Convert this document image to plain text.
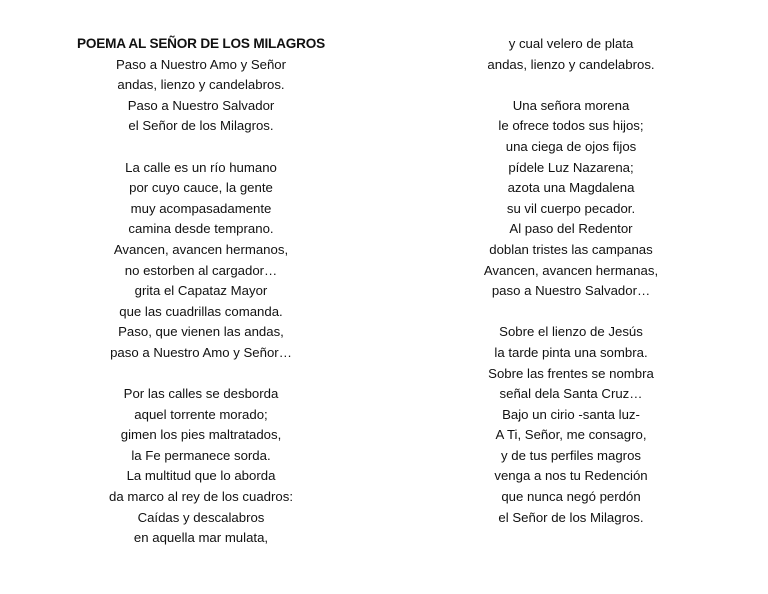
POEMA AL SEÑOR DE LOS MILAGROS
Paso a Nuestro Amo y Señor
andas, lienzo y candelabros.
Paso a Nuestro Salvador
el Señor de los Milagros.
La calle es un río humano
por cuyo cauce, la gente
muy acompasadamente
camina desde temprano.
Avancen, avancen hermanos,
no estorben al cargador…
grita el Capataz Mayor
que las cuadrillas comanda.
Paso, que vienen las andas,
paso a Nuestro Amo y Señor…
Por las calles se desborda
aquel torrente morado;
gimen los pies maltratados,
la Fe permanece sorda.
La multitud que lo aborda
da marco al rey de los cuadros:
Caídas y descalabros
en aquella mar mulata,
y cual velero de plata
andas, lienzo y candelabros.
Una señora morena
le ofrece todos sus hijos;
una ciega de ojos fijos
pídele Luz Nazarena;
azota una Magdalena
su vil cuerpo pecador.
Al paso del Redentor
doblan tristes las campanas
Avancen, avancen hermanas,
paso a Nuestro Salvador…
Sobre el lienzo de Jesús
la tarde pinta una sombra.
Sobre las frentes se nombra
señal dela Santa Cruz…
Bajo un cirio -santa luz-
A Ti, Señor, me consagro,
y de tus perfiles magros
venga a nos tu Redención
que nunca negó perdón
el Señor de los Milagros.
